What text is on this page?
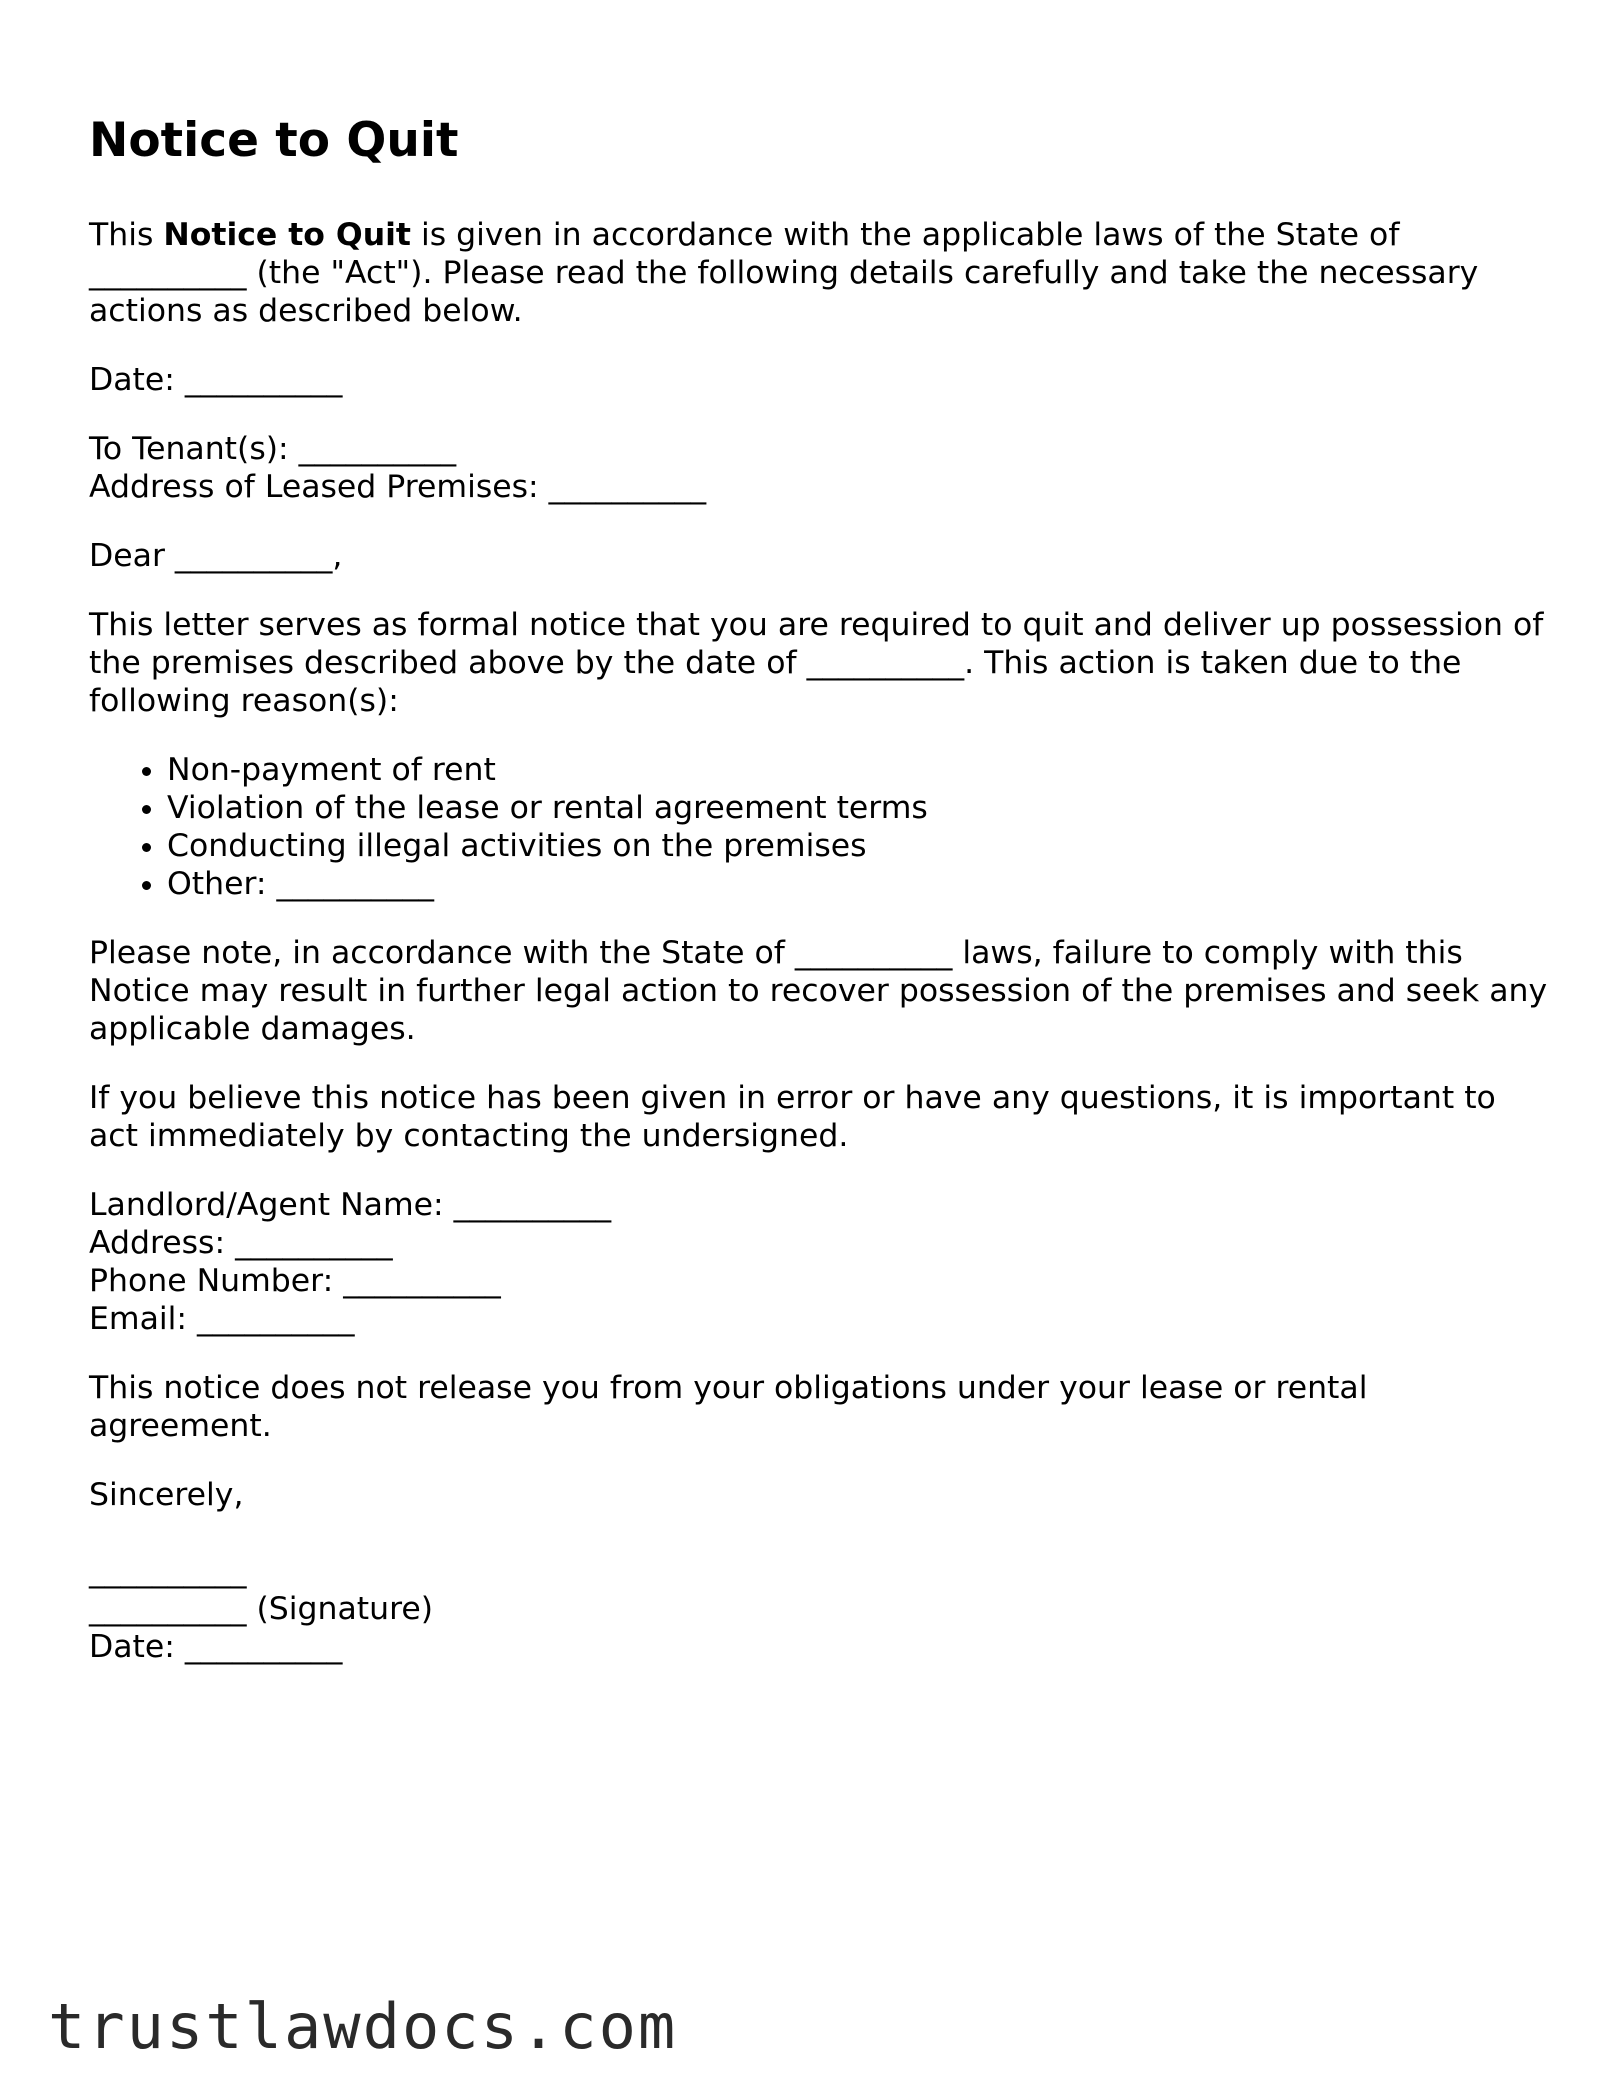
Notice to Quit

This Notice to Quit is given in accordance with the applicable laws of the State of __________ (the "Act"). Please read the following details carefully and take the necessary actions as described below.

Date: __________

To Tenant(s): __________

Address of Leased Premises: __________

Dear __________,

This letter serves as formal notice that you are required to quit and deliver up possession of the premises described above by the date of __________. This action is taken due to the following reason(s):

• Non-payment of rent
• Violation of the lease or rental agreement terms
• Conducting illegal activities on the premises
• Other: __________

Please note, in accordance with the State of __________ laws, failure to comply with this Notice may result in further legal action to recover possession of the premises and seek any applicable damages.

If you believe this notice has been given in error or have any questions, it is important to act immediately by contacting the undersigned.

Landlord/Agent Name: __________

Address: __________

Phone Number: __________

Email: __________

This notice does not release you from your obligations under your lease or rental agreement.

Sincerely,

__________

__________ (Signature)

Date: __________

trustlawdocs.com
